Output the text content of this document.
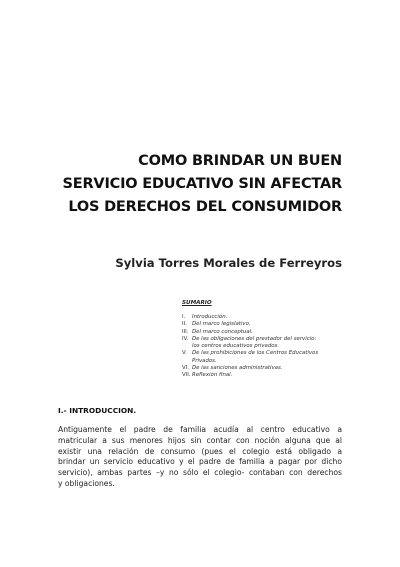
COMO BRINDAR UN BUEN
SERVICIO EDUCATIVO SIN AFECTAR
LOS DERECHOS DEL CONSUMIDOR
Sylvia Torres Morales de Ferreyros
SUMARIO
I.	Introducción.
II. Del marco legislativo.
III. Del marco conceptual.
IV. De las obligaciones del prestador del servicio:
los centros educativos privados.
V. De las prohibiciones de los Centros Educativos
Privados.
VI. De las sanciones administrativas.
VII. Reflexión final.
I.- INTRODUCCION.
Antiguamente el padre de familia acudía al centro educativo a
matricular a sus menores hijos sin contar con noción alguna que al
existir una relación de consumo (pues el colegio está obligado a
brindar un servicio educativo y el padre de familia a pagar por dicho
servicio), ambas partes –y no sólo el colegio- contaban con derechos
y obligaciones.
